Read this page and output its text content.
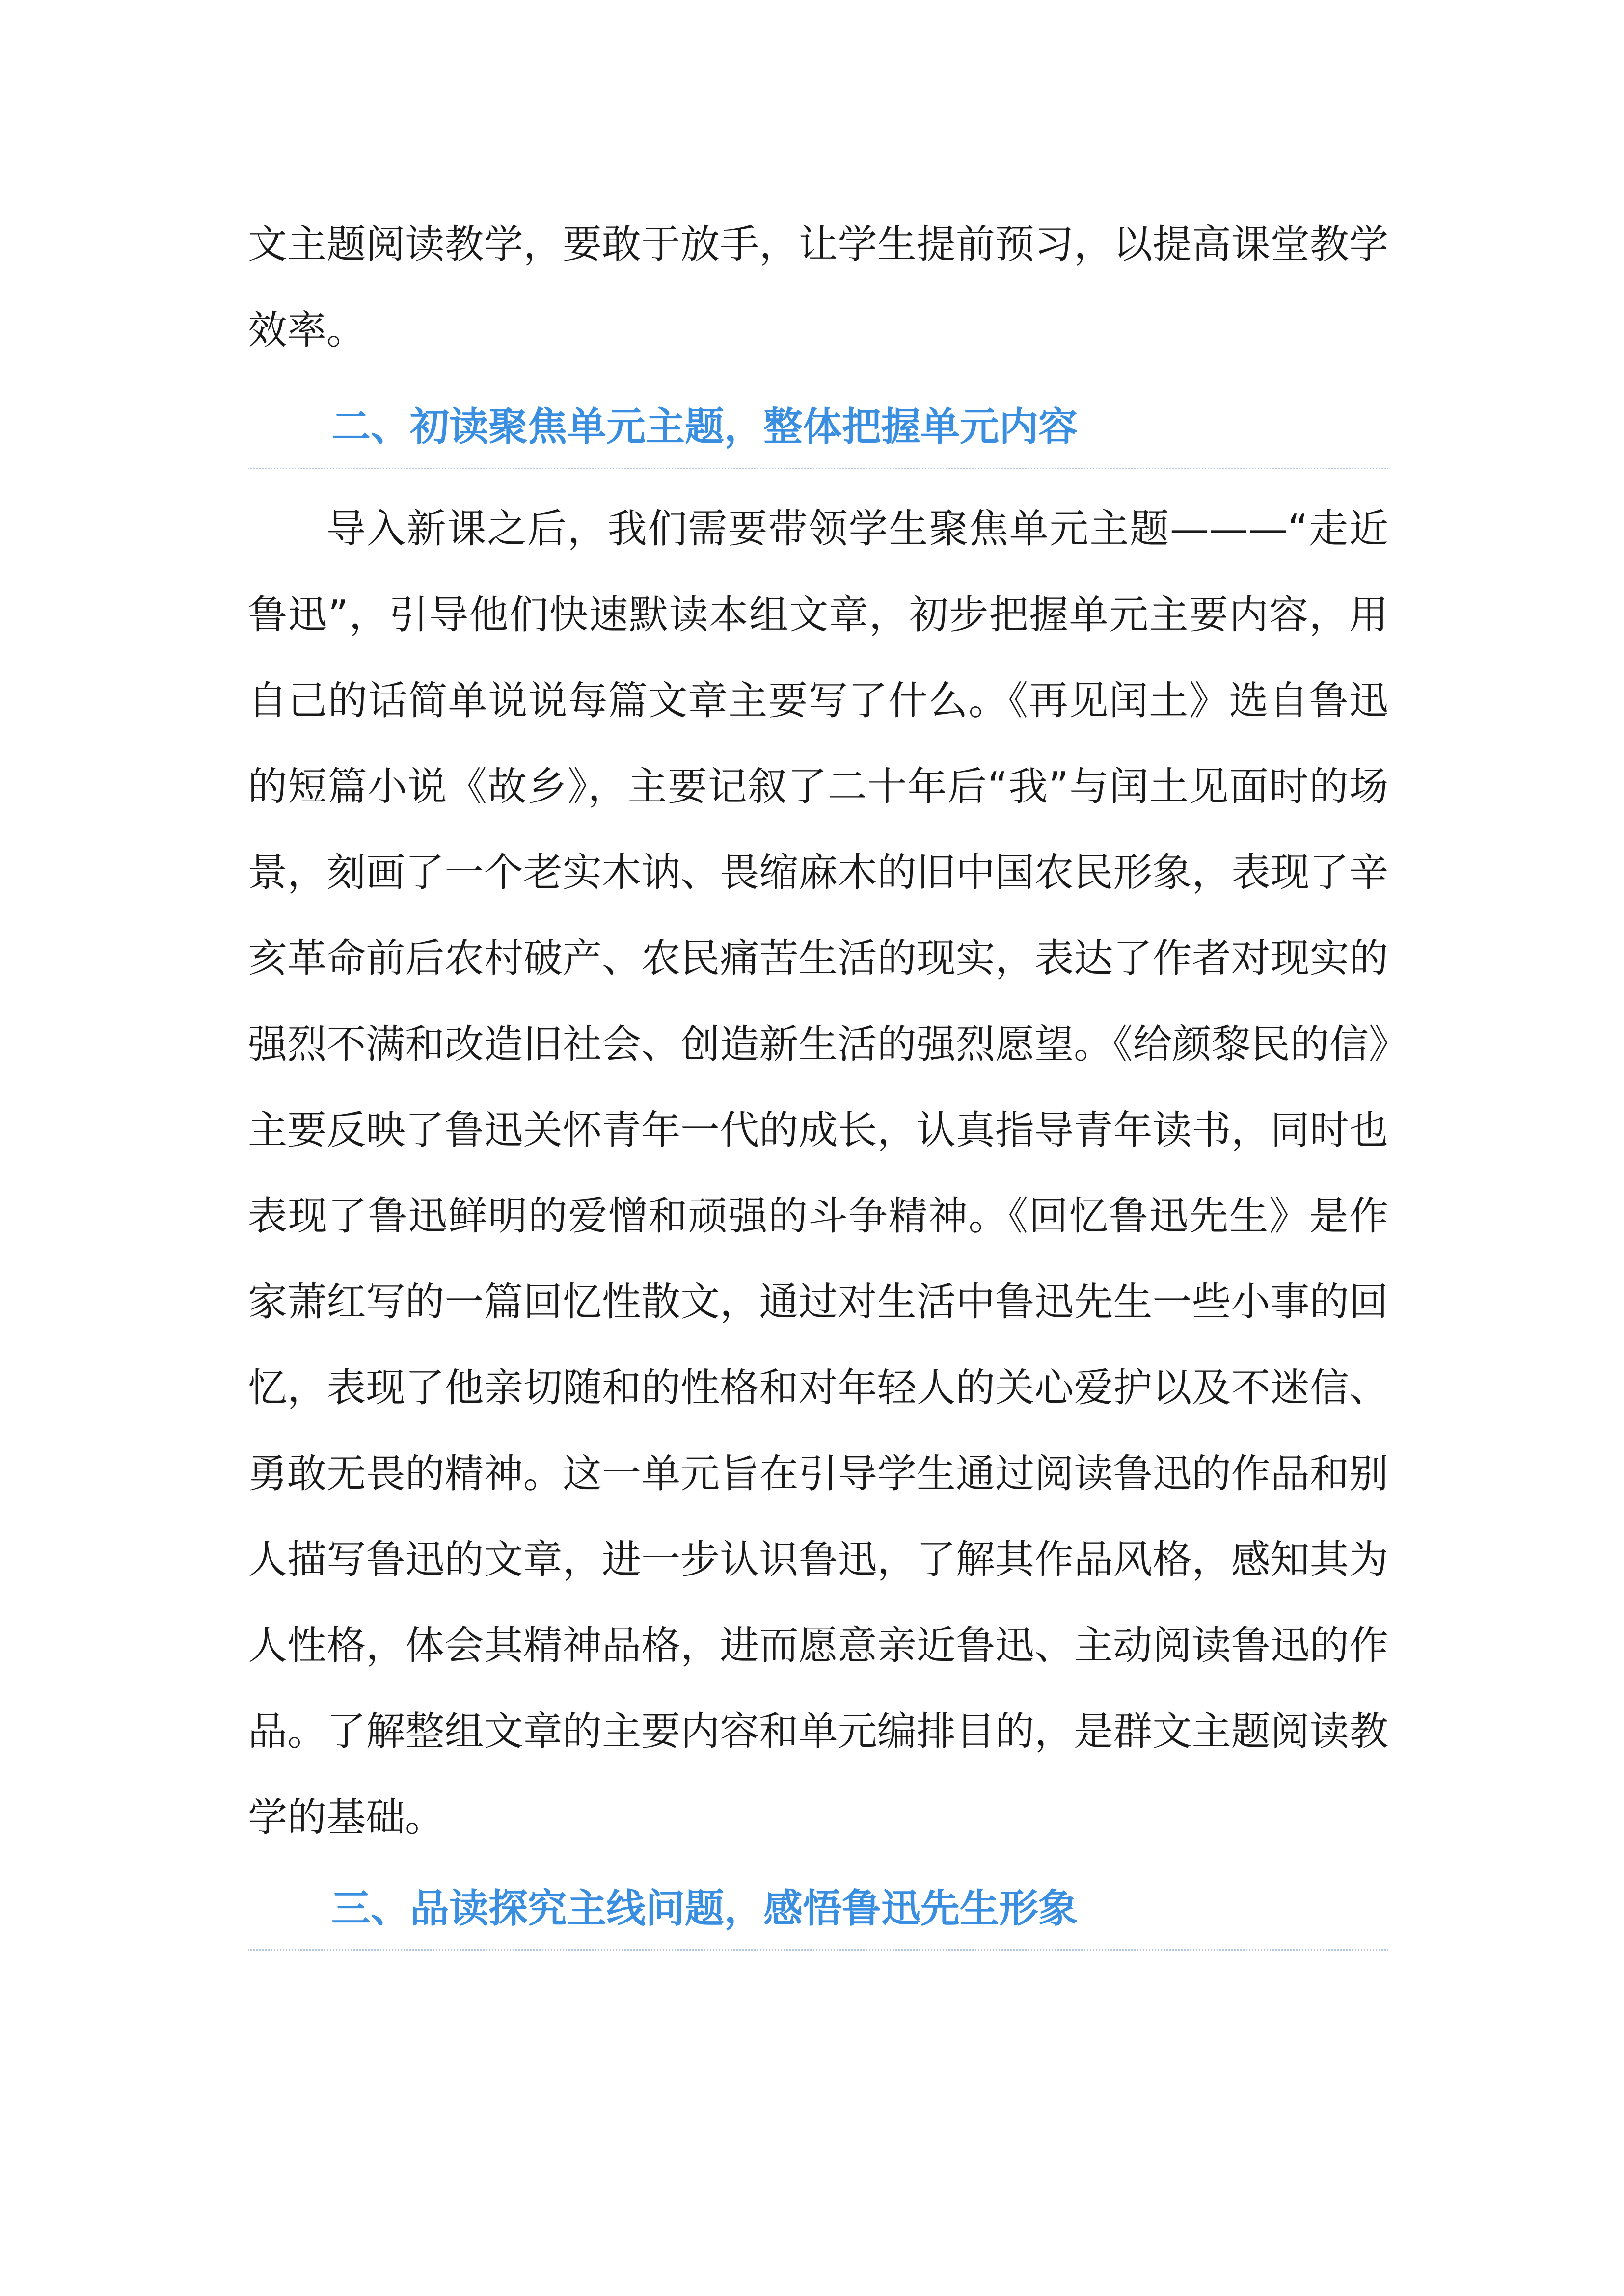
文主题阅读教学，要敢于放手，让学生提前预习，以提高课堂教学效率。

二、初读聚焦单元主题，整体把握单元内容

导入新课之后，我们需要带领学生聚焦单元主题———“走近鲁迅”，引导他们快速默读本组文章，初步把握单元主要内容，用自己的话简单说说每篇文章主要写了什么。《再见闰土》选自鲁迅的短篇小说《故乡》，主要记叙了二十年后“我”与闰土见面时的场景，刻画了一个老实木讷、畏缩麻木的旧中国农民形象，表现了辛亥革命前后农村破产、农民痛苦生活的现实，表达了作者对现实的强烈不满和改造旧社会、创造新生活的强烈愿望。《给颜黎民的信》主要反映了鲁迅关怀青年一代的成长，认真指导青年读书，同时也表现了鲁迅鲜明的爱憎和顽强的斗争精神。《回忆鲁迅先生》是作家萧红写的一篇回忆性散文，通过对生活中鲁迅先生一些小事的回忆，表现了他亲切随和的性格和对年轻人的关心爱护以及不迷信、勇敢无畏的精神。这一单元旨在引导学生通过阅读鲁迅的作品和别人描写鲁迅的文章，进一步认识鲁迅，了解其作品风格，感知其为人性格，体会其精神品格，进而愿意亲近鲁迅、主动阅读鲁迅的作品。了解整组文章的主要内容和单元编排目的，是群文主题阅读教学的基础。

三、品读探究主线问题，感悟鲁迅先生形象
